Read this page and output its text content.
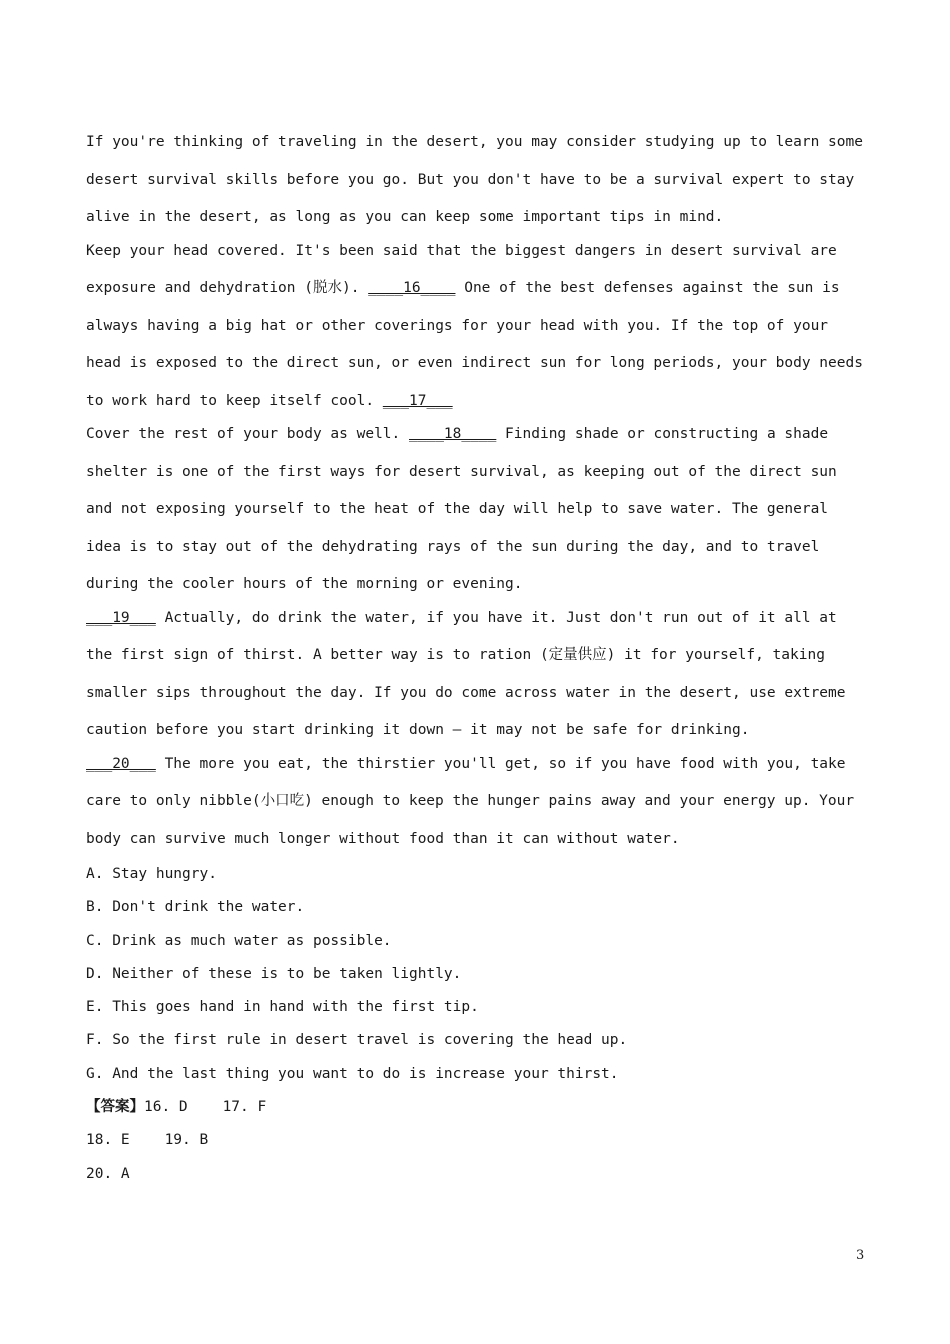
If you're thinking of traveling in the desert, you may consider studying up to learn some desert survival skills before you go. But you don't have to be a survival expert to stay alive in the desert, as long as you can keep some important tips in mind.

Keep your head covered. It's been said that the biggest dangers in desert survival are exposure and dehydration (脱水). ____16____ One of the best defenses against the sun is always having a big hat or other coverings for your head with you. If the top of your head is exposed to the direct sun, or even indirect sun for long periods, your body needs to work hard to keep itself cool. ___17___

Cover the rest of your body as well. ____18____ Finding shade or constructing a shade shelter is one of the first ways for desert survival, as keeping out of the direct sun and not exposing yourself to the heat of the day will help to save water. The general idea is to stay out of the dehydrating rays of the sun during the day, and to travel during the cooler hours of the morning or evening.

___19___ Actually, do drink the water, if you have it. Just don't run out of it all at the first sign of thirst. A better way is to ration (定量供应) it for yourself, taking smaller sips throughout the day. If you do come across water in the desert, use extreme caution before you start drinking it down — it may not be safe for drinking.

___20___ The more you eat, the thirstier you'll get, so if you have food with you, take care to only nibble(小口吃) enough to keep the hunger pains away and your energy up. Your body can survive much longer without food than it can without water.

A. Stay hungry.

B. Don't drink the water.

C. Drink as much water as possible.

D. Neither of these is to be taken lightly.

E. This goes hand in hand with the first tip.

F. So the first rule in desert travel is covering the head up.

G. And the last thing you want to do is increase your thirst.

【答案】16. D    17. F

18. E    19. B

20. A

3
